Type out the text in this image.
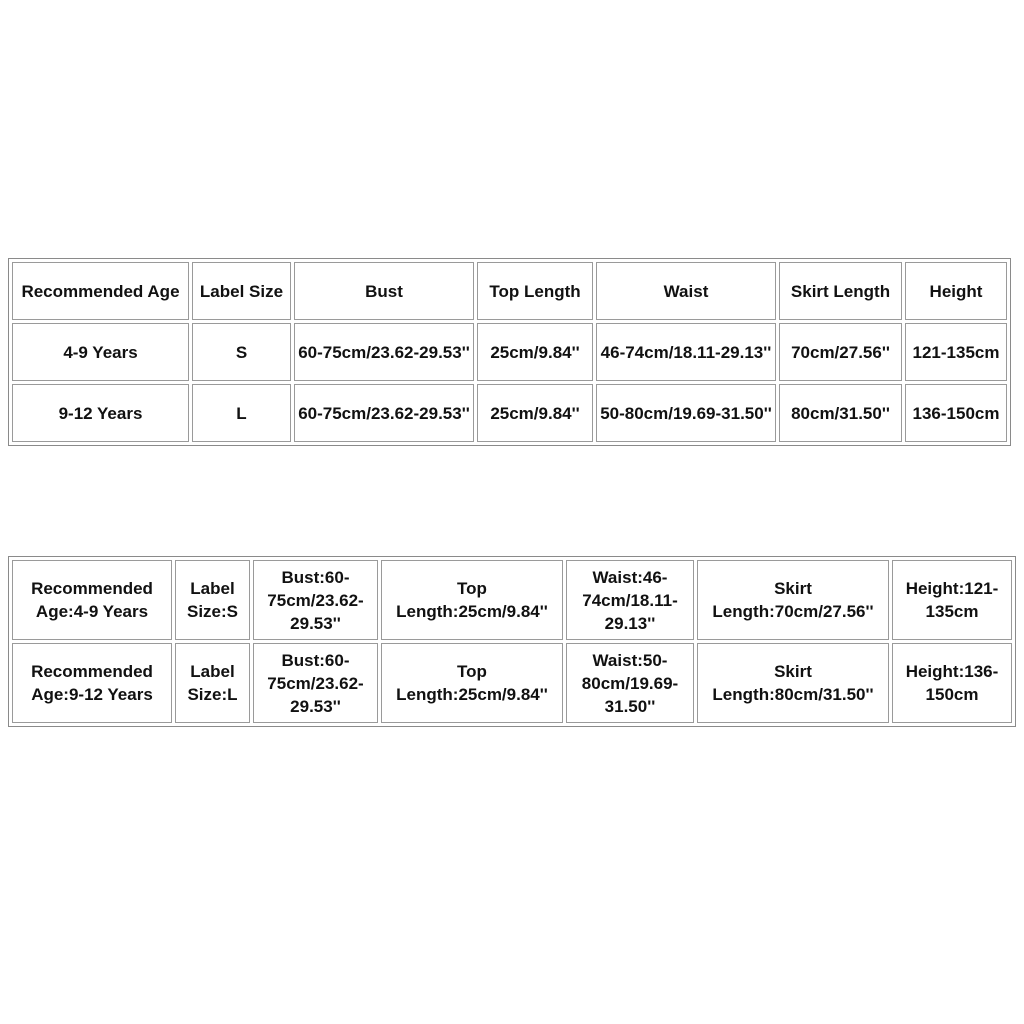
Recommended Age	Label Size	Bust	Top Length	Waist	Skirt Length	Height
4-9 Years	S	60-75cm/23.62-29.53''	25cm/9.84''	46-74cm/18.11-29.13''	70cm/27.56''	121-135cm
9-12 Years	L	60-75cm/23.62-29.53''	25cm/9.84''	50-80cm/19.69-31.50''	80cm/31.50''	136-150cm
Recommended Age:4-9 Years	Label Size:S	Bust:60-75cm/23.62-29.53''	Top Length:25cm/9.84''	Waist:46-74cm/18.11-29.13''	Skirt Length:70cm/27.56''	Height:121-135cm
Recommended Age:9-12 Years	Label Size:L	Bust:60-75cm/23.62-29.53''	Top Length:25cm/9.84''	Waist:50-80cm/19.69-31.50''	Skirt Length:80cm/31.50''	Height:136-150cm
